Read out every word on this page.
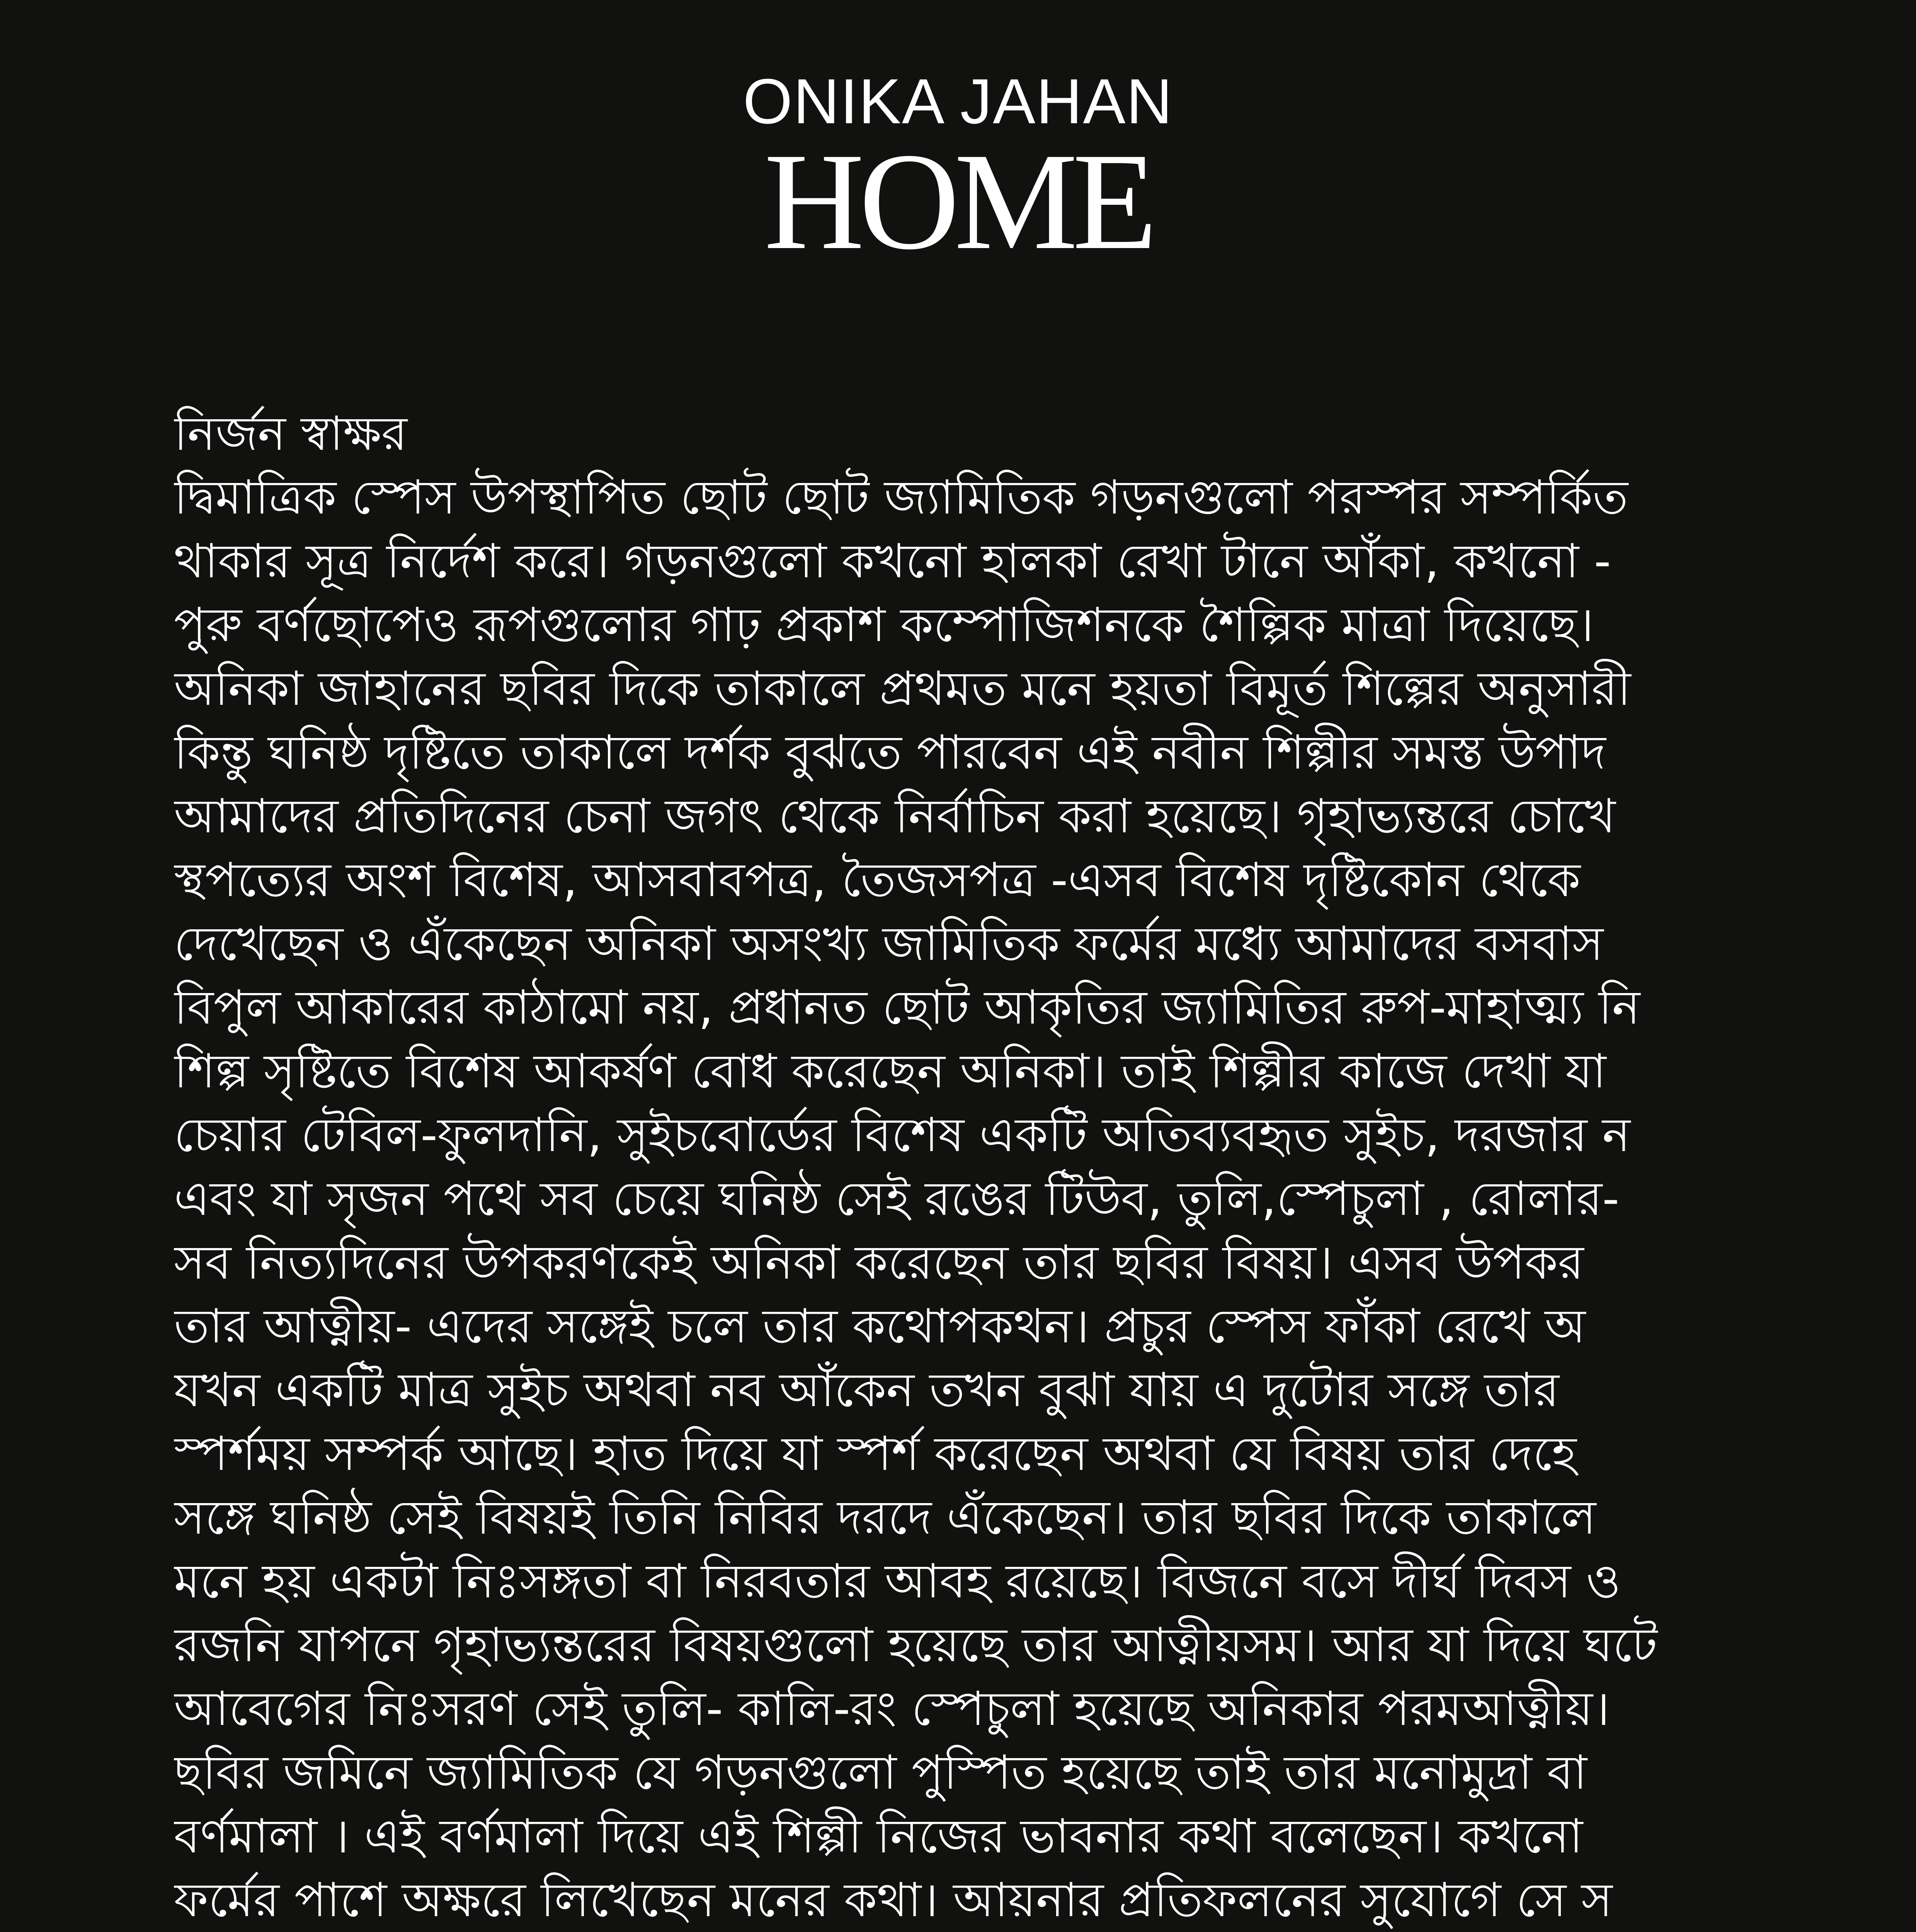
ONIKA JAHAN
HOME
নির্জন স্বাক্ষর
দ্বিমাত্রিক স্পেস উপস্থাপিত ছোট ছোট জ্যামিতিক গড়নগুলো পরস্পর সম্পর্কিত
থাকার সূত্র নির্দেশ করে। গড়নগুলো কখনো হালকা রেখা টানে আঁকা, কখনো -
পুরু বর্ণছোপেও রূপগুলোর গাঢ় প্রকাশ কম্পোজিশনকে শৈল্পিক মাত্রা দিয়েছে।
অনিকা জাহানের ছবির দিকে তাকালে প্রথমত মনে হয়তা বিমূর্ত শিল্পের অনুসারী
কিন্তু ঘনিষ্ঠ দৃষ্টিতে তাকালে দর্শক বুঝতে পারবেন এই নবীন শিল্পীর সমস্ত উপাদ
আমাদের প্রতিদিনের চেনা জগৎ থেকে নির্বাচিন করা হয়েছে। গৃহাভ্যন্তরে চোখে
স্থপত্যের অংশ বিশেষ, আসবাবপত্র, তৈজসপত্র -এসব বিশেষ দৃষ্টিকোন থেকে
দেখেছেন ও এঁকেছেন অনিকা অসংখ্য জামিতিক ফর্মের মধ্যে আমাদের বসবাস
বিপুল আকারের কাঠামো নয়, প্রধানত ছোট আকৃতির জ্যামিতির রুপ-মাহাত্ম্য নি
শিল্প সৃষ্টিতে বিশেষ আকর্ষণ বোধ করেছেন অনিকা। তাই শিল্পীর কাজে দেখা যা
চেয়ার টেবিল-ফুলদানি, সুইচবোর্ডের বিশেষ একটি অতিব্যবহৃত সুইচ, দরজার ন
এবং যা সৃজন পথে সব চেয়ে ঘনিষ্ঠ সেই রঙের টিউব, তুলি,স্পেচুলা , রোলার-
সব নিত্যদিনের উপকরণকেই অনিকা করেছেন তার ছবির বিষয়। এসব উপকর
তার আত্নীয়- এদের সঙ্গেই চলে তার কথোপকথন। প্রচুর স্পেস ফাঁকা রেখে অ
যখন একটি মাত্র সুইচ অথবা নব আঁকেন তখন বুঝা যায় এ দুটোর সঙ্গে তার
স্পর্শময় সম্পর্ক আছে। হাত দিয়ে যা স্পর্শ করেছেন অথবা যে বিষয় তার দেহে
সঙ্গে ঘনিষ্ঠ সেই বিষয়ই তিনি নিবির দরদে এঁকেছেন। তার ছবির দিকে তাকালে
মনে হয় একটা নিঃসঙ্গতা বা নিরবতার আবহ রয়েছে। বিজনে বসে দীর্ঘ দিবস ও
রজনি যাপনে গৃহাভ্যন্তরের বিষয়গুলো হয়েছে তার আত্নীয়সম। আর যা দিয়ে ঘটে
আবেগের নিঃসরণ সেই তুলি- কালি-রং স্পেচুলা হয়েছে অনিকার পরমআত্নীয়।
ছবির জমিনে জ্যামিতিক যে গড়নগুলো পুস্পিত হয়েছে তাই তার মনোমুদ্রা বা
বর্ণমালা । এই বর্ণমালা দিয়ে এই শিল্পী নিজের ভাবনার কথা বলেছেন। কখনো
ফর্মের পাশে অক্ষরে লিখেছেন মনের কথা। আয়নার প্রতিফলনের সুযোগে সে স
